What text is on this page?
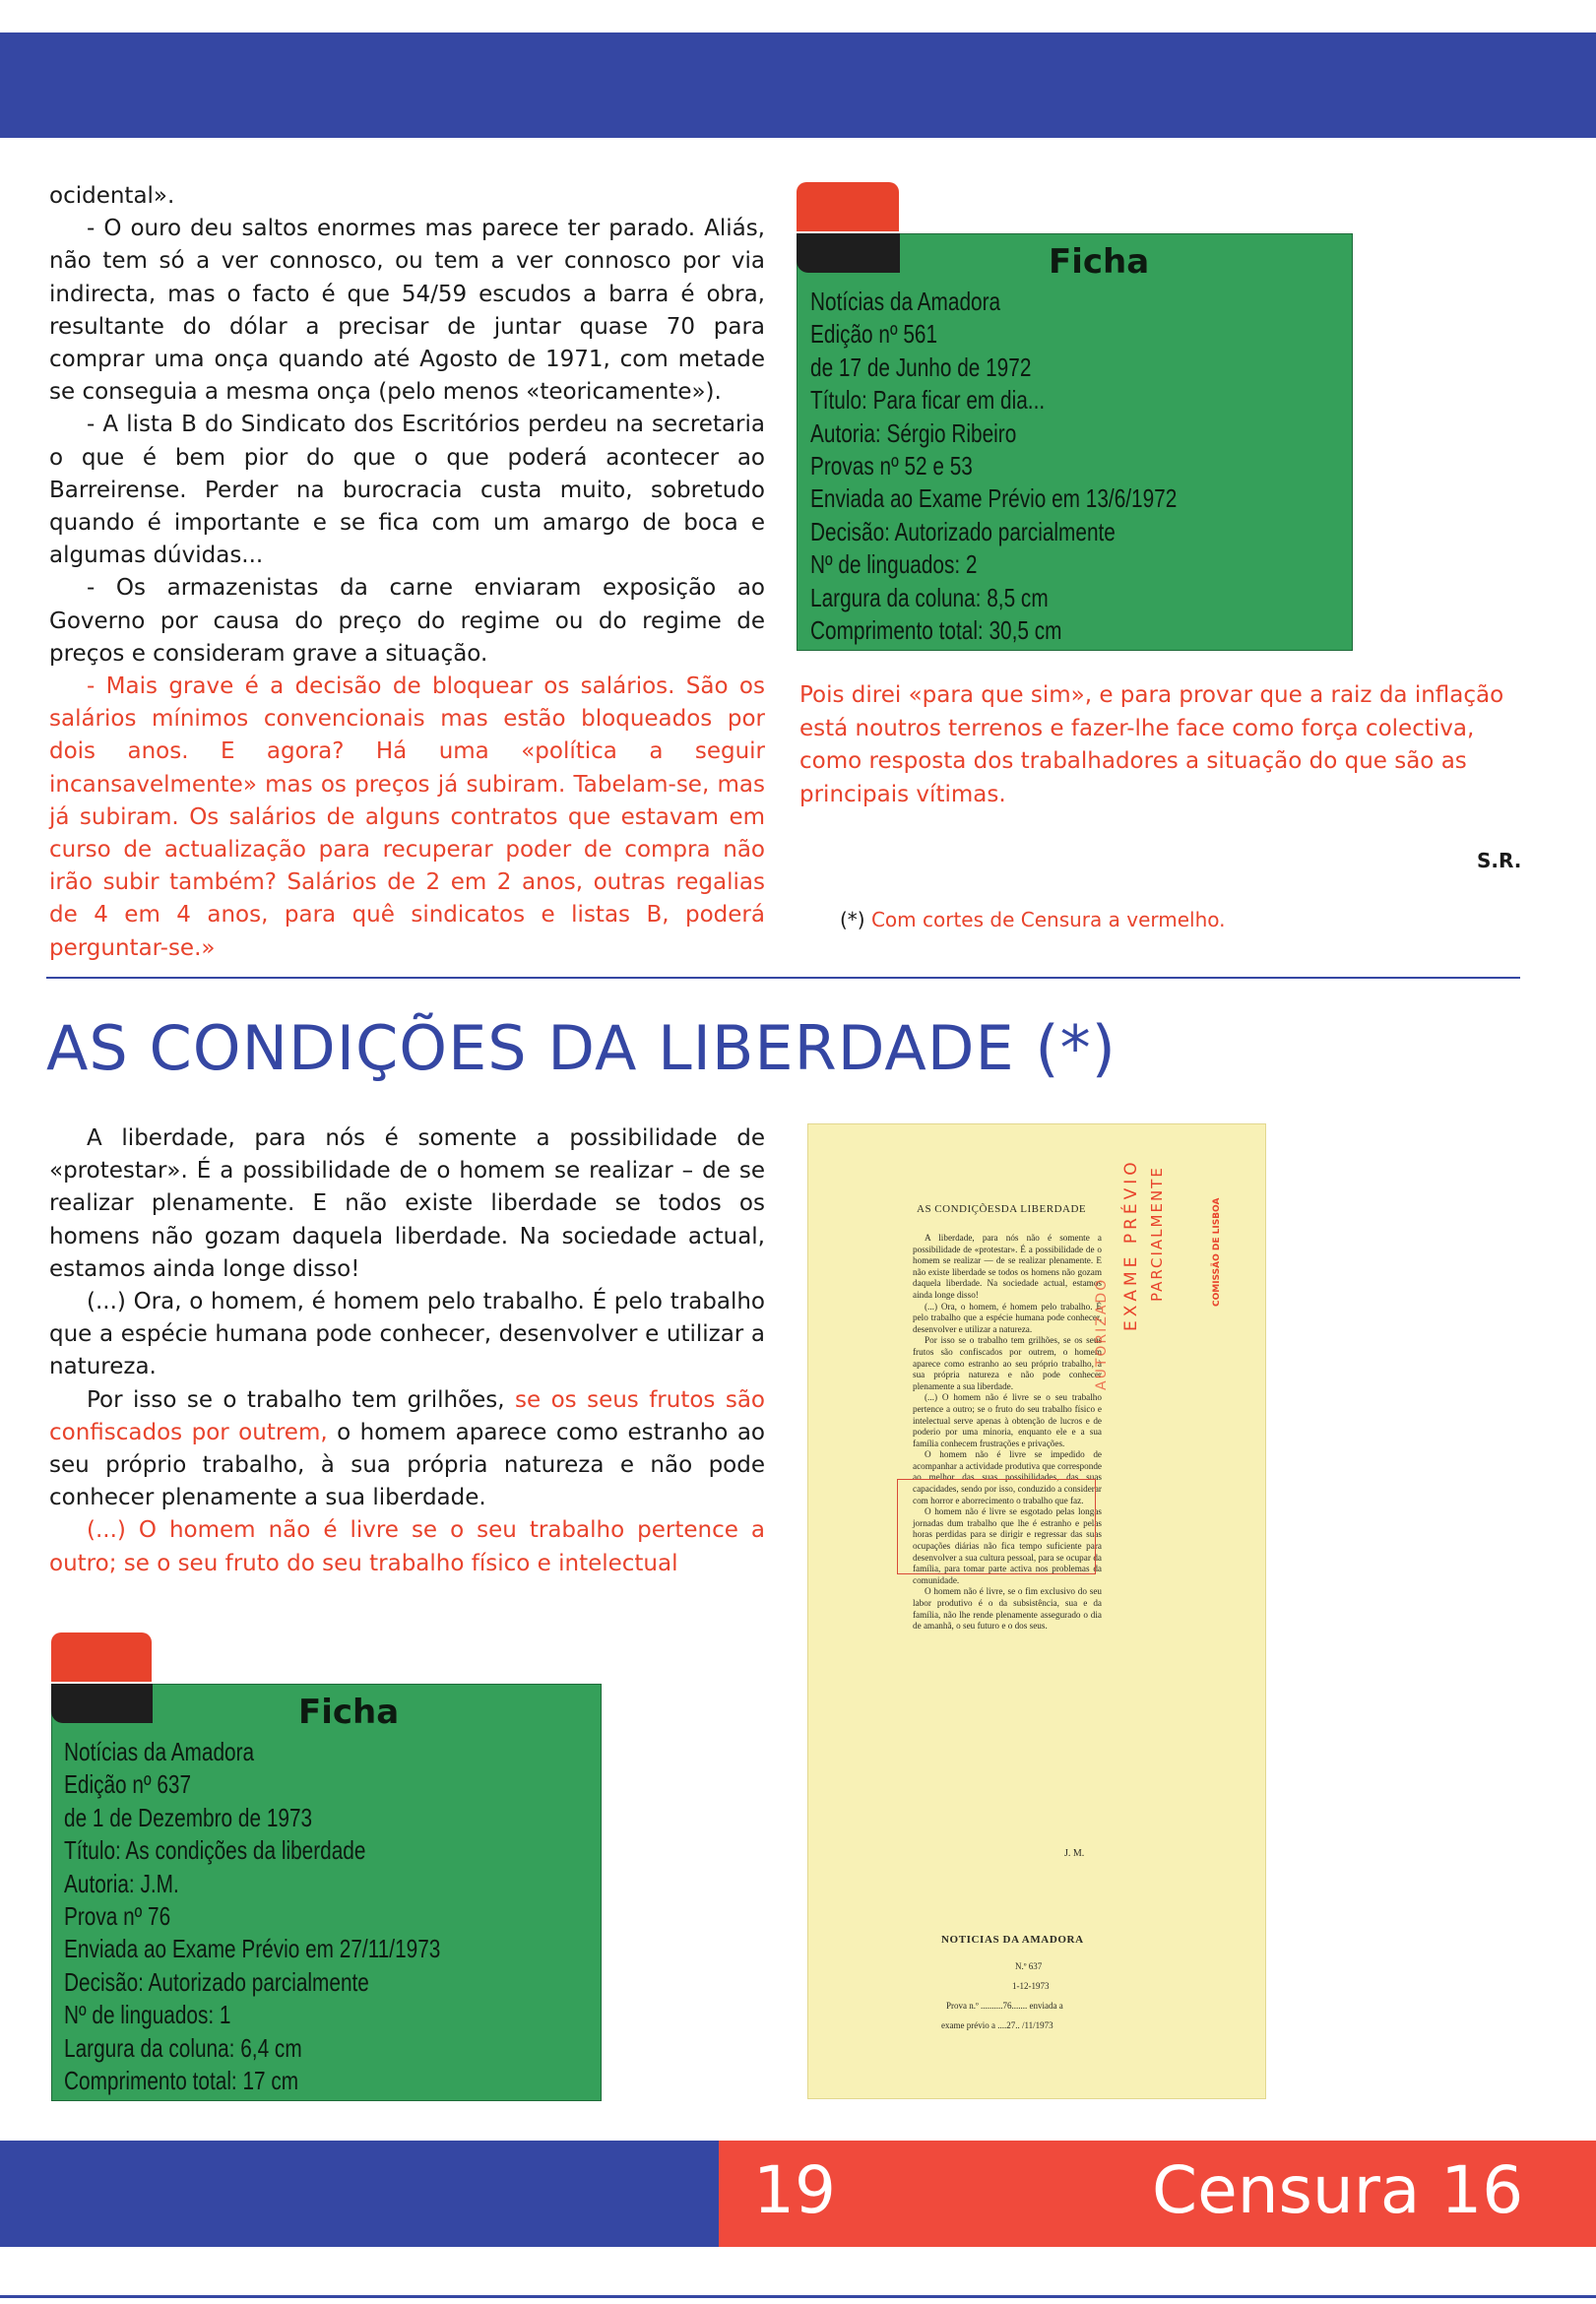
ocidental».

- O ouro deu saltos enormes mas parece ter parado. Aliás, não tem só a ver connosco, ou tem a ver connosco por via indirecta, mas o facto é que 54/59 escudos a barra é obra, resultante do dólar a precisar de juntar quase 70 para comprar uma onça quando até Agosto de 1971, com metade se conseguia a mesma onça (pelo menos «teoricamente»).

- A lista B do Sindicato dos Escritórios perdeu na secretaria o que é bem pior do que o que poderá acontecer ao Barreirense. Perder na burocracia custa muito, sobretudo quando é importante e se fica com um amargo de boca e algumas dúvidas...

- Os armazenistas da carne enviaram exposição ao Governo por causa do preço do regime ou do regime de preços e consideram grave a situação.

- Mais grave é a decisão de bloquear os salários. São os salários mínimos convencionais mas estão bloqueados por dois anos. E agora? Há uma «política a seguir incansavelmente» mas os preços já subiram. Tabelam-se, mas já subiram. Os salários de alguns contratos que estavam em curso de actualização para recuperar poder de compra não irão subir também? Salários de 2 em 2 anos, outras regalias de 4 em 4 anos, para quê sindicatos e listas B, poderá perguntar-se.»

Ficha
Notícias da Amadora
Edição nº 561
de 17 de Junho de 1972
Título: Para ficar em dia...
Autoria: Sérgio Ribeiro
Provas nº 52 e 53
Enviada ao Exame Prévio em 13/6/1972
Decisão: Autorizado parcialmente
Nº de linguados: 2
Largura da coluna: 8,5 cm
Comprimento total: 30,5 cm
Pois direi «para que sim», e para provar que a raiz da inflação está noutros terrenos e fazer-lhe face como força colectiva, como resposta dos trabalhadores a situação do que são as principais vítimas.
S.R.
(*) Com cortes de Censura a vermelho.
AS CONDIÇÕES DA LIBERDADE (*)

A liberdade, para nós é somente a possibilidade de «protestar». É a possibilidade de o homem se realizar – de se realizar plenamente. E não existe liberdade se todos os homens não gozam daquela liberdade. Na sociedade actual, estamos ainda longe disso!

(...) Ora, o homem, é homem pelo trabalho. É pelo trabalho que a espécie humana pode conhecer, desenvolver e utilizar a natureza.

Por isso se o trabalho tem grilhões, se os seus frutos são confiscados por outrem, o homem aparece como estranho ao seu próprio trabalho, à sua própria natureza e não pode conhecer plenamente a sua liberdade.

(...) O homem não é livre se o seu trabalho pertence a outro; se o seu fruto do seu trabalho físico e intelectual

Ficha
Notícias da Amadora
Edição nº 637
de 1 de Dezembro de 1973
Título: As condições da liberdade
Autoria: J.M.
Prova nº 76
Enviada ao Exame Prévio em 27/11/1973
Decisão: Autorizado parcialmente
Nº de linguados: 1
Largura da coluna: 6,4 cm
Comprimento total: 17 cm
AS CONDIÇÕESDA LIBERDADE

A liberdade, para nós não é somente a possibilidade de «protestar». É a possibilidade de o homem se realizar — de se realizar plenamente. E não existe liberdade se todos os homens não gozam daquela liberdade. Na sociedade actual, estamos ainda longe disso!

(...) Ora, o homem, é homem pelo trabalho. É pelo trabalho que a espécie humana pode conhecer, desenvolver e utilizar a natureza.

Por isso se o trabalho tem grilhões, se os seus frutos são confiscados por outrem, o homem aparece como estranho ao seu próprio trabalho, à sua própria natureza e não pode conhecer plenamente a sua liberdade.

(...) O homem não é livre se o seu trabalho pertence a outro; se o fruto do seu trabalho físico e intelectual serve apenas à obtenção de lucros e de poderio por uma minoria, enquanto ele e a sua família conhecem frustrações e privações.

O homem não é livre se impedido de acompanhar a actividade produtiva que corresponde ao melhor das suas possibilidades, das suas capacidades, sendo por isso, conduzido a considerar com horror e aborrecimento o trabalho que faz.

O homem não é livre se esgotado pelas longas jornadas dum trabalho que lhe é estranho e pelas horas perdidas para se dirigir e regressar das suas ocupações diárias não fica tempo suficiente para desenvolver a sua cultura pessoal, para se ocupar da família, para tomar parte activa nos problemas da comunidade.

O homem não é livre, se o fim exclusivo do seu labor produtivo é o da subsistência, sua e da família, não lhe rende plenamente assegurado o dia de amanhã, o seu futuro e o dos seus.

J. M.
NOTICIAS DA AMADORA
N.º 637
1-12-1973
Prova n.º ..........76....... enviada a
exame prévio a ....27.. /11/1973
EXAME PRÉVIO
AUTORIZADO
PARCIALMENTE	COMISSÃO DE LISBOA
19	Censura 16
